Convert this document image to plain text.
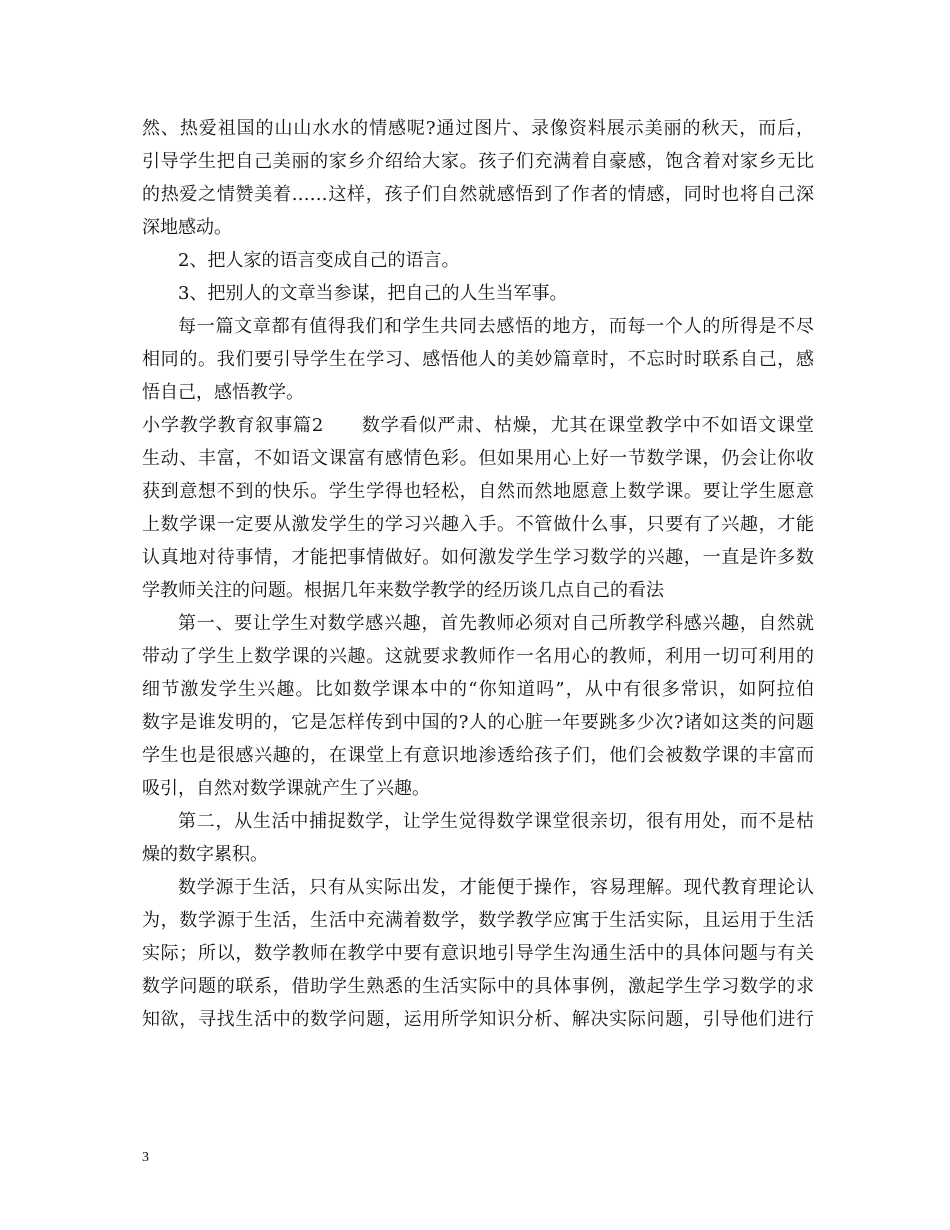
然、热爱祖国的山山水水的情感呢?通过图片、录像资料展示美丽的秋天，而后，
引导学生把自己美丽的家乡介绍给大家。孩子们充满着自豪感，饱含着对家乡无比
的热爱之情赞美着……这样，孩子们自然就感悟到了作者的情感，同时也将自己深
深地感动。
2、把人家的语言变成自己的语言。
3、把别人的文章当参谋，把自己的人生当军事。
每一篇文章都有值得我们和学生共同去感悟的地方，而每一个人的所得是不尽
相同的。我们要引导学生在学习、感悟他人的美妙篇章时，不忘时时联系自己，感
悟自己，感悟教学。
小学教学教育叙事篇2　　数学看似严肃、枯燥，尤其在课堂教学中不如语文课堂
生动、丰富，不如语文课富有感情色彩。但如果用心上好一节数学课，仍会让你收
获到意想不到的快乐。学生学得也轻松，自然而然地愿意上数学课。要让学生愿意
上数学课一定要从激发学生的学习兴趣入手。不管做什么事，只要有了兴趣，才能
认真地对待事情，才能把事情做好。如何激发学生学习数学的兴趣，一直是许多数
学教师关注的问题。根据几年来数学教学的经历谈几点自己的看法
第一、要让学生对数学感兴趣，首先教师必须对自己所教学科感兴趣，自然就
带动了学生上数学课的兴趣。这就要求教师作一名用心的教师，利用一切可利用的
细节激发学生兴趣。比如数学课本中的“你知道吗”，从中有很多常识，如阿拉伯
数字是谁发明的，它是怎样传到中国的?人的心脏一年要跳多少次?诸如这类的问题
学生也是很感兴趣的，在课堂上有意识地渗透给孩子们，他们会被数学课的丰富而
吸引，自然对数学课就产生了兴趣。
第二，从生活中捕捉数学，让学生觉得数学课堂很亲切，很有用处，而不是枯
燥的数字累积。
数学源于生活，只有从实际出发，才能便于操作，容易理解。现代教育理论认
为，数学源于生活，生活中充满着数学，数学教学应寓于生活实际，且运用于生活
实际；所以，数学教师在教学中要有意识地引导学生沟通生活中的具体问题与有关
数学问题的联系，借助学生熟悉的生活实际中的具体事例，激起学生学习数学的求
知欲，寻找生活中的数学问题，运用所学知识分析、解决实际问题，引导他们进行
3
